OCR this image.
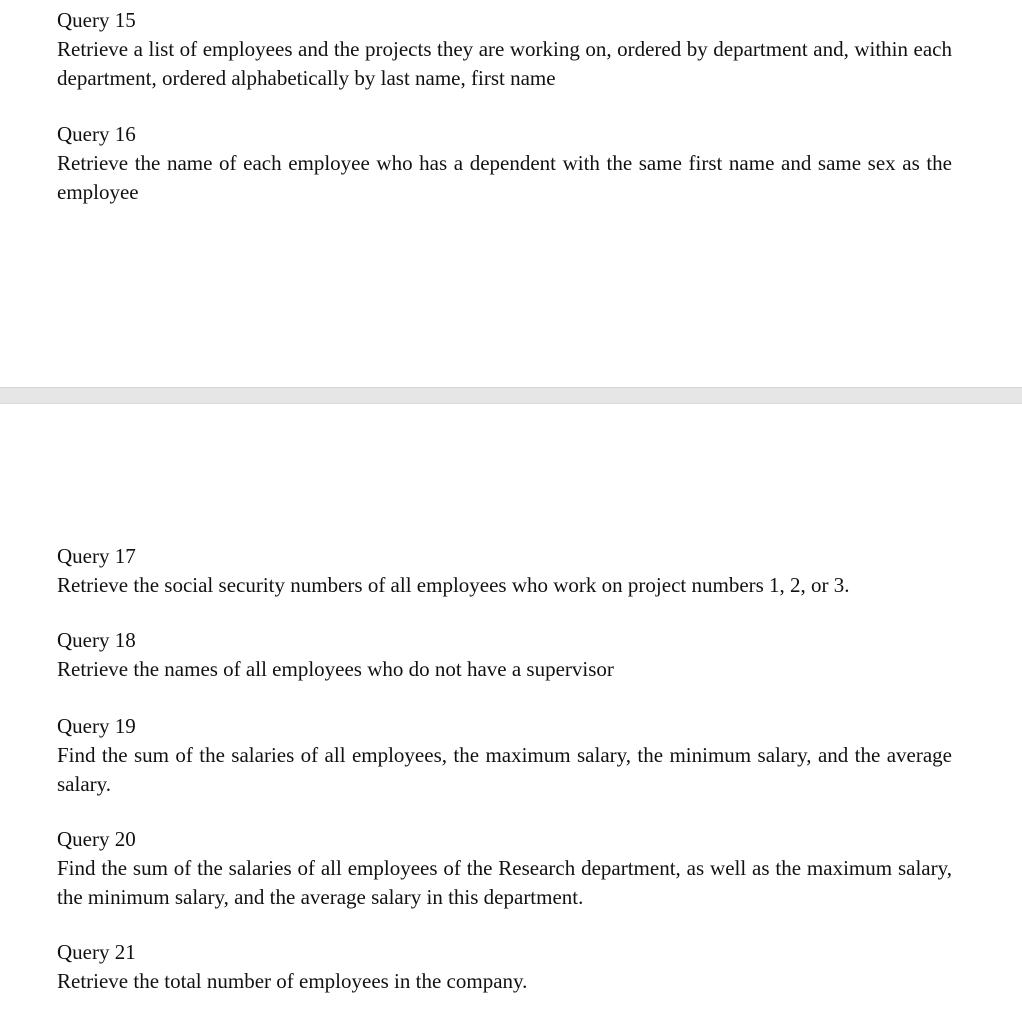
Query 15
Retrieve a list of employees and the projects they are working on, ordered by department and, within each department, ordered alphabetically by last name, first name
Query 16
Retrieve the name of each employee who has a dependent with the same first name and same sex as the employee
Query 17
Retrieve the social security numbers of all employees who work on project numbers 1, 2, or 3.
Query 18
Retrieve the names of all employees who do not have a supervisor
Query 19
Find the sum of the salaries of all employees, the maximum salary, the minimum salary, and the average salary.
Query 20
Find the sum of the salaries of all employees of the Research department, as well as the maximum salary, the minimum salary, and the average salary in this department.
Query 21
Retrieve the total number of employees in the company.
